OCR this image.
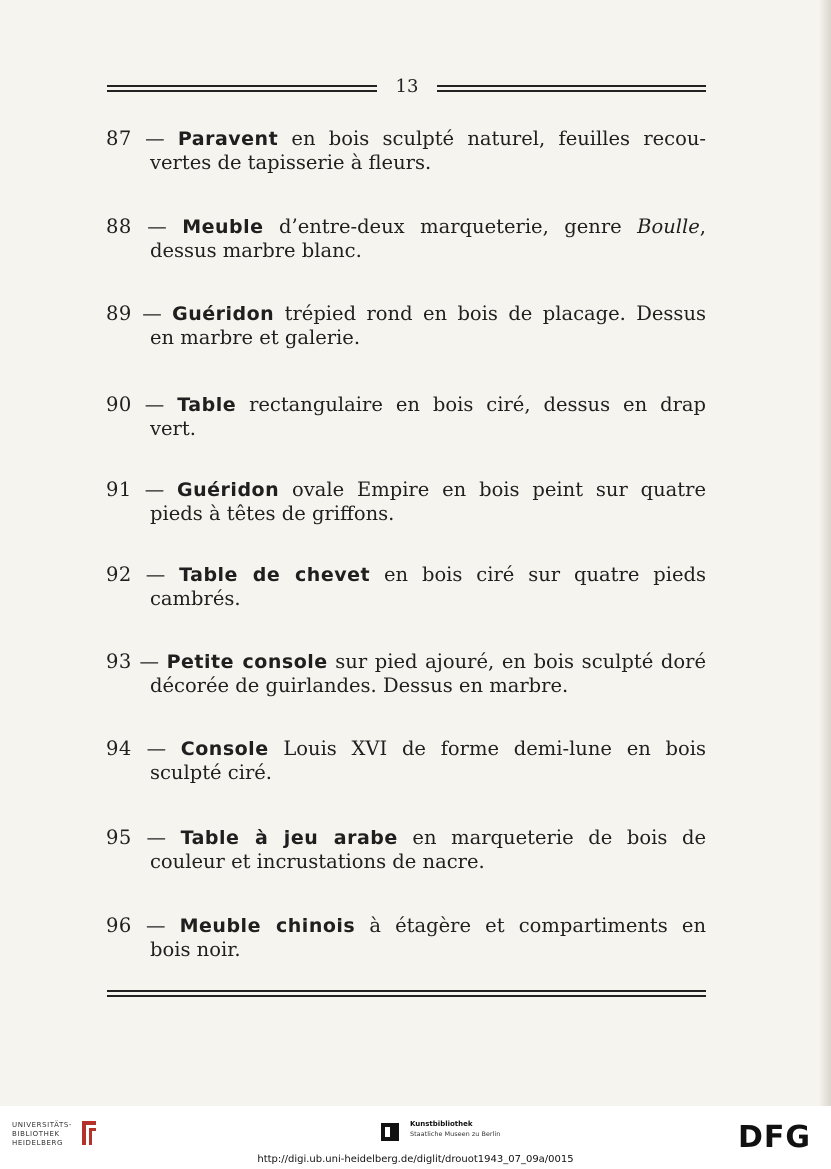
13
87 — Paravent en bois sculpté naturel, feuilles recou-
vertes de tapisserie à fleurs.
88 — Meuble d’entre-deux marqueterie, genre Boulle,
dessus marbre blanc.
89 — Guéridon trépied rond en bois de placage. Dessus
en marbre et galerie.
90 — Table rectangulaire en bois ciré, dessus en drap
vert.
91 — Guéridon ovale Empire en bois peint sur quatre
pieds à têtes de griffons.
92 — Table de chevet en bois ciré sur quatre pieds
cambrés.
93 — Petite console sur pied ajouré, en bois sculpté doré
décorée de guirlandes. Dessus en marbre.
94 — Console Louis XVI de forme demi-lune en bois
sculpté ciré.
95 — Table à jeu arabe en marqueterie de bois de
couleur et incrustations de nacre.
96 — Meuble chinois à étagère et compartiments en
bois noir.
UNIVERSITÄTS-
BIBLIOTHEK
HEIDELBERG
Kunstbibliothek
Staatliche Museen zu Berlin	DFG
http://digi.ub.uni-heidelberg.de/diglit/drouot1943_07_09a/0015
